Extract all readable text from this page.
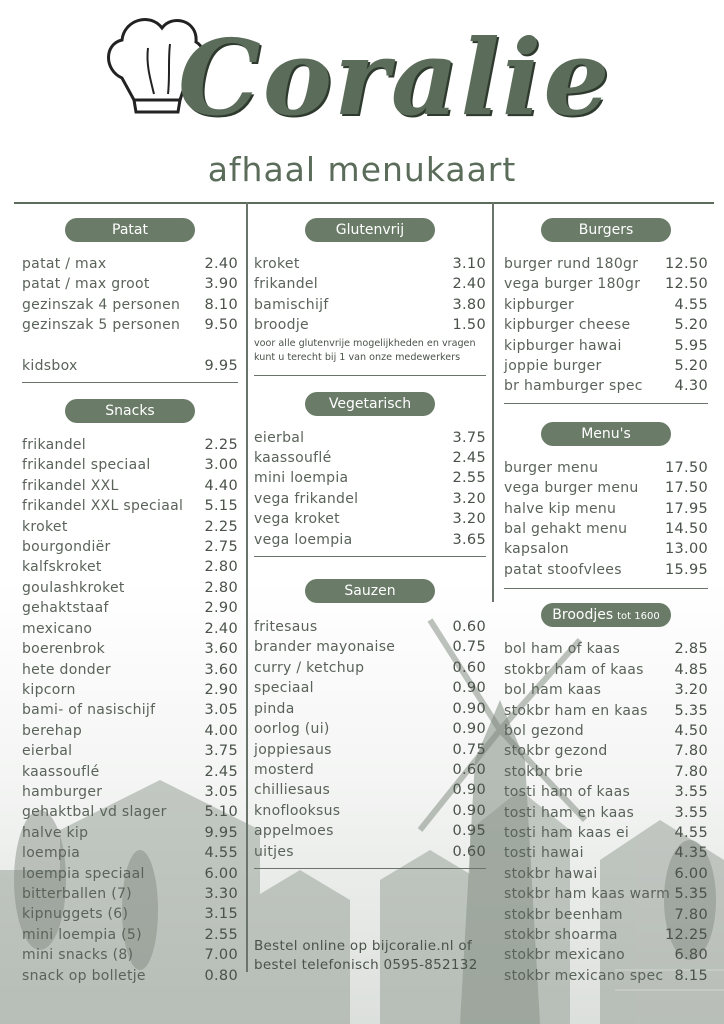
Coralie
afhaal menukaart
Patat
patat / max	2.40
patat / max groot	3.90
gezinszak 4 personen 8.10
gezinszak 5 personen 9.50
kidsbox	9.95
Snacks
frikandel	2.25
frikandel speciaal	3.00
frikandel XXL	4.40
frikandel XXL speciaal 5.15
kroket	2.25
bourgondiër	2.75
kalfskroket	2.80
goulashkroket	2.80
gehaktstaaf	2.90
mexicano	2.40
boerenbrok	3.60
hete donder	3.60
kipcorn	2.90
bami- of nasischijf	3.05
berehap	4.00
eierbal	3.75
kaassouflé	2.45
hamburger	3.05
gehaktbal vd slager	5.10
halve kip	9.95
loempia	4.55
loempia speciaal	6.00
bitterballen (7)	3.30
kipnuggets (6)	3.15
mini loempia (5)	2.55
mini snacks (8)	7.00
snack op bolletje	0.80
Glutenvrij
kroket	3.10
frikandel	2.40
bamischijf	3.80
broodje	1.50
voor alle glutenvrije mogelijkheden en vragen kunt u terecht bij 1 van onze medewerkers
Vegetarisch
eierbal	3.75
kaassouflé	2.45
mini loempia	2.55
vega frikandel	3.20
vega kroket	3.20
vega loempia	3.65
Sauzen
fritesaus	0.60
brander mayonaise	0.75
curry / ketchup	0.60
speciaal	0.90
pinda	0.90
oorlog (ui)	0.90
joppiesaus	0.75
mosterd	0.60
chilliesaus	0.90
knoflooksus	0.90
appelmoes	0.95
uitjes	0.60
Bestel online op bijcoralie.nl of
bestel telefonisch 0595-852132
Burgers
burger rund 180gr 12.50
vega burger 180gr 12.50
kipburger	4.55
kipburger cheese	5.20
kipburger hawai	5.95
joppie burger	5.20
br hamburger spec 4.30
Menu's
burger menu	17.50
vega burger menu 17.50
halve kip menu	17.95
bal gehakt menu	14.50
kapsalon	13.00
patat stoofvlees	15.95
Broodjes tot 1600
bol ham of kaas	2.85
stokbr ham of kaas 4.85
bol ham kaas	3.20
stokbr ham en kaas 5.35
bol gezond	4.50
stokbr gezond	7.80
stokbr brie	7.80
tosti ham of kaas	3.55
tosti ham en kaas	3.55
tosti ham kaas ei	4.55
tosti hawai	4.35
stokbr hawai	6.00
stokbr ham kaas warm 5.35
stokbr beenham	7.80
stokbr shoarma	12.25
stokbr mexicano	6.80
stokbr mexicano spec 8.15
